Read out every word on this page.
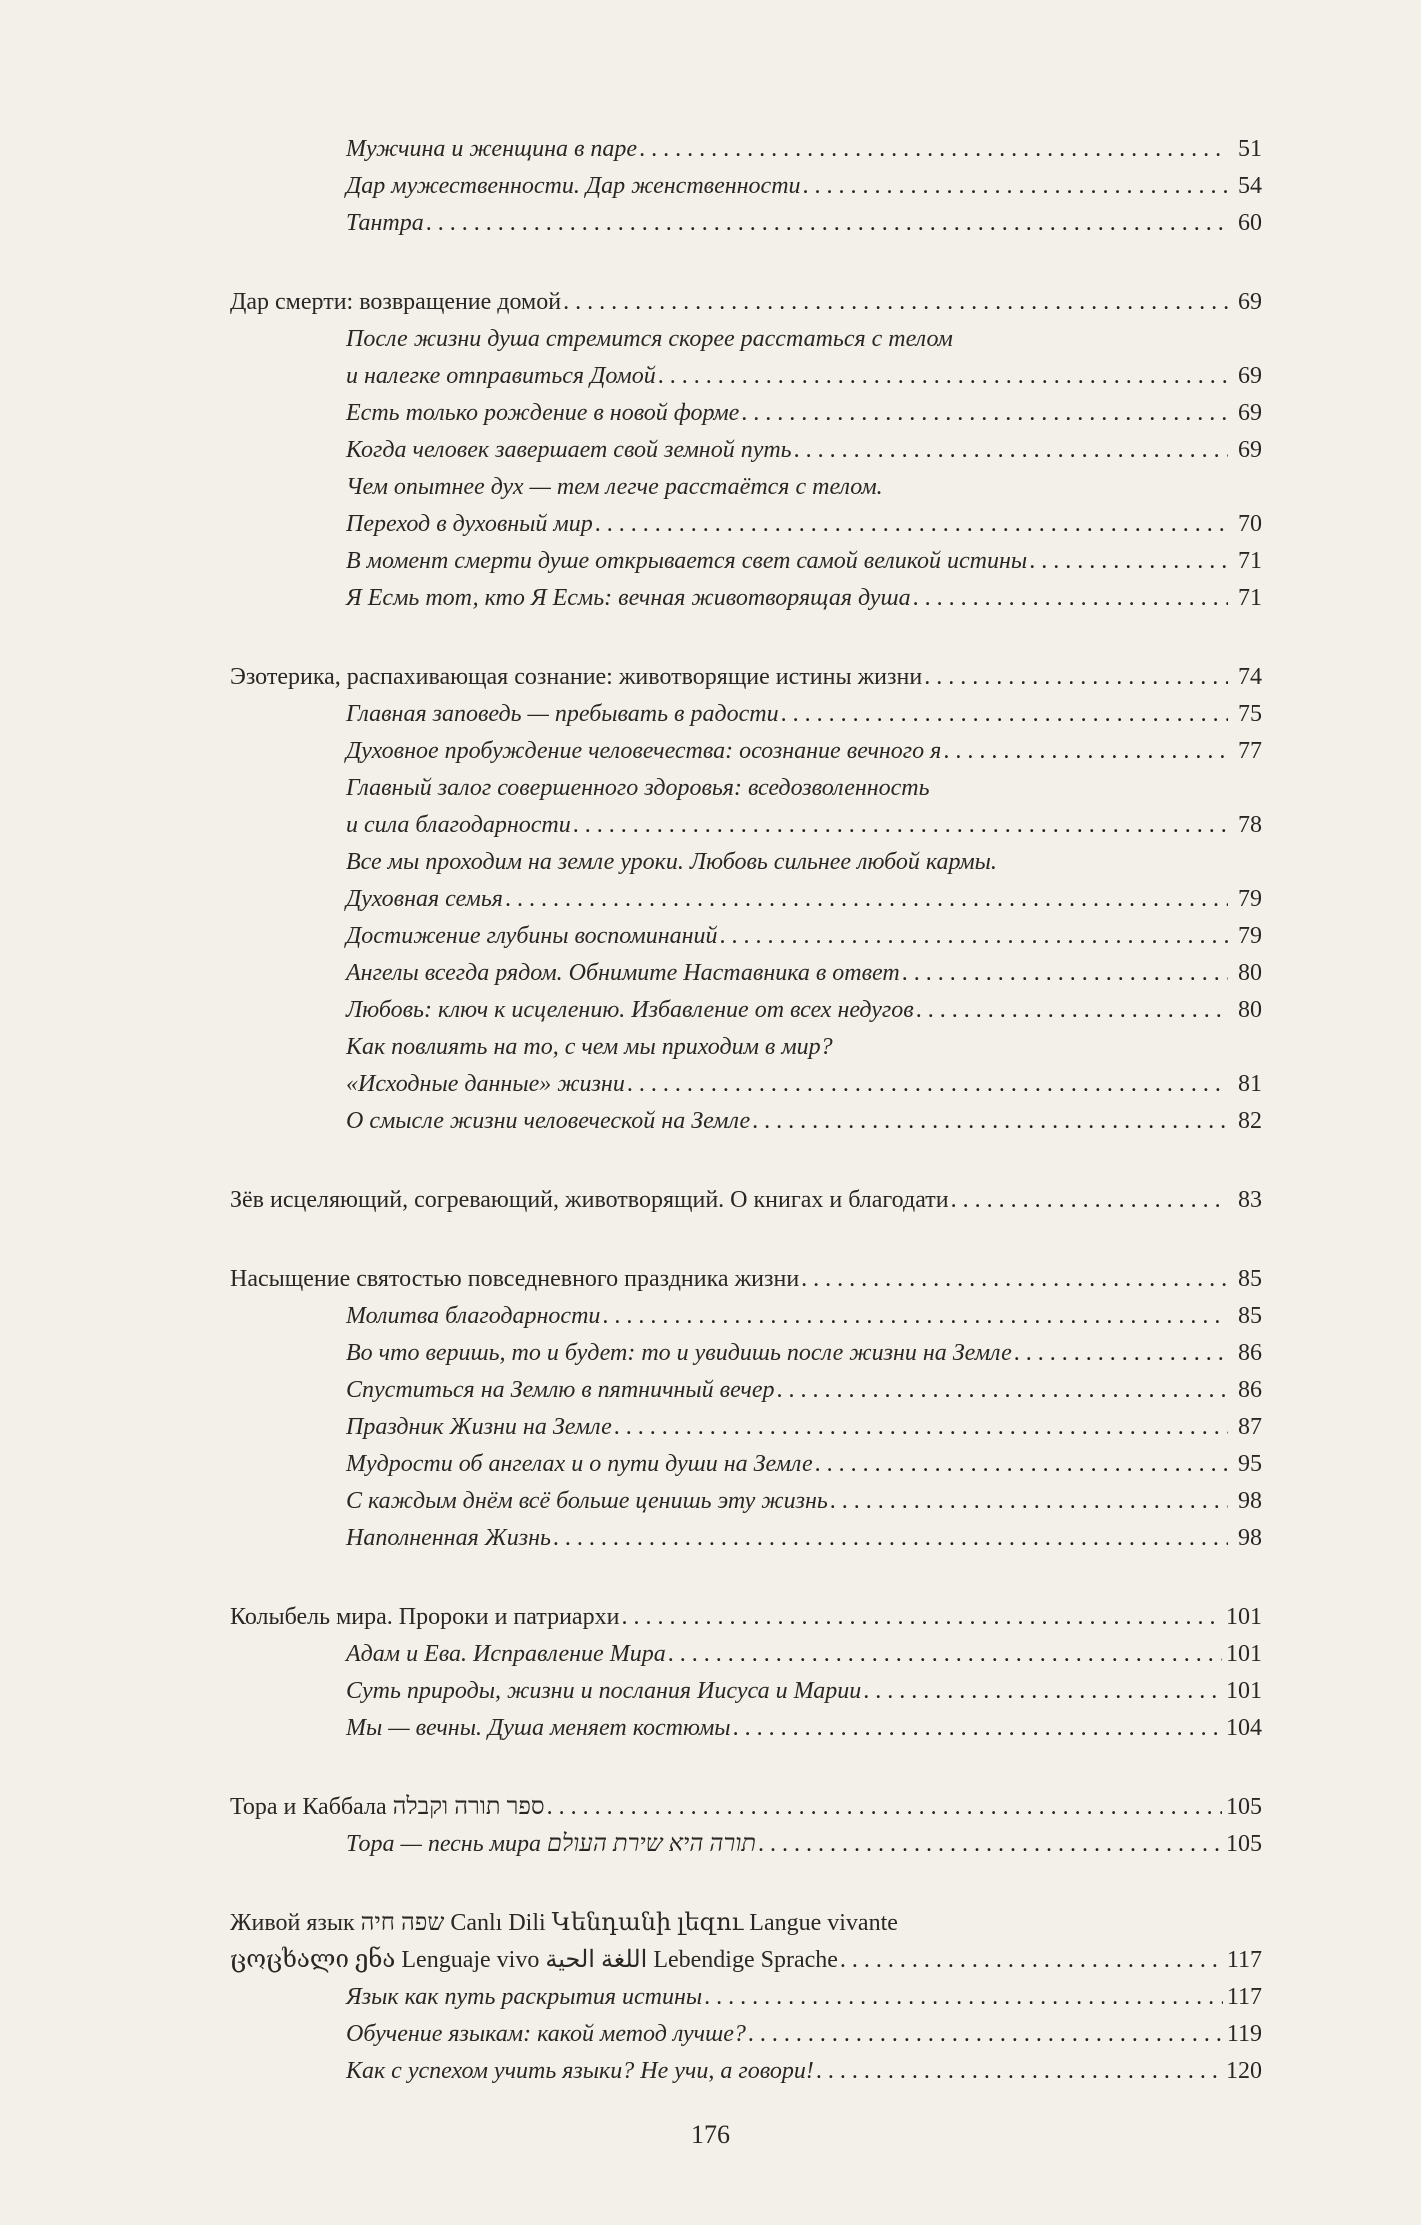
Мужчина и женщина в паре . . .	51
Дар мужественности. Дар женственности . . .	54
Тантра . . .	60
Дар смерти: возвращение домой . . .	69
После жизни душа стремится скорее расстаться с телом
и налегке отправиться Домой . . .	69
Есть только рождение в новой форме . . .	69
Когда человек завершает свой земной путь . . .	69
Чем опытнее дух — тем легче расстаётся с телом.
Переход в духовный мир . . .	70
В момент смерти душе открывается свет самой великой истины . . .	71
Я Есмь тот, кто Я Есмь: вечная животворящая душа . . .	71
Эзотерика, распахивающая сознание: животворящие истины жизни . . .	74
Главная заповедь — пребывать в радости . . .	75
Духовное пробуждение человечества: осознание вечного я . . .	77
Главный залог совершенного здоровья: вседозволенность
и сила благодарности . . .	78
Все мы проходим на земле уроки. Любовь сильнее любой кармы.
Духовная семья . . .	79
Достижение глубины воспоминаний . . .	79
Ангелы всегда рядом. Обнимите Наставника в ответ . . .	80
Любовь: ключ к исцелению. Избавление от всех недугов . . .	80
Как повлиять на то, с чем мы приходим в мир?
«Исходные данные» жизни . . .	81
О смысле жизни человеческой на Земле . . .	82
Зёв исцеляющий, согревающий, животворящий. О книгах и благодати . . .	83
Насыщение святостью повседневного праздника жизни . . .	85
Молитва благодарности . . .	85
Во что веришь, то и будет: то и увидишь после жизни на Земле . . .	86
Спуститься на Землю в пятничный вечер . . .	86
Праздник Жизни на Земле . . .	87
Мудрости об ангелах и о пути души на Земле . . .	95
С каждым днём всё больше ценишь эту жизнь . . .	98
Наполненная Жизнь . . .	98
Колыбель мира. Пророки и патриархи . . .	101
Адам и Ева. Исправление Мира . . .	101
Суть природы, жизни и послания Иисуса и Марии . . .	101
Мы — вечны. Душа меняет костюмы . . .	104
Тора и Каббала ספר תורה וקבלה . . .	105
Тора — песнь мира תורה היא שירת העולם . . .	105
Живой язык שפה חיה Canlı Dili Կենդանի լեզու Langue vivante
ცოცხალი ენა Lenguaje vivo اللغة الحية Lebendige Sprache . . .	117
Язык как путь раскрытия истины . . .	117
Обучение языкам: какой метод лучше? . . .	119
Как с успехом учить языки? Не учи, а говори! . . .	120
176
